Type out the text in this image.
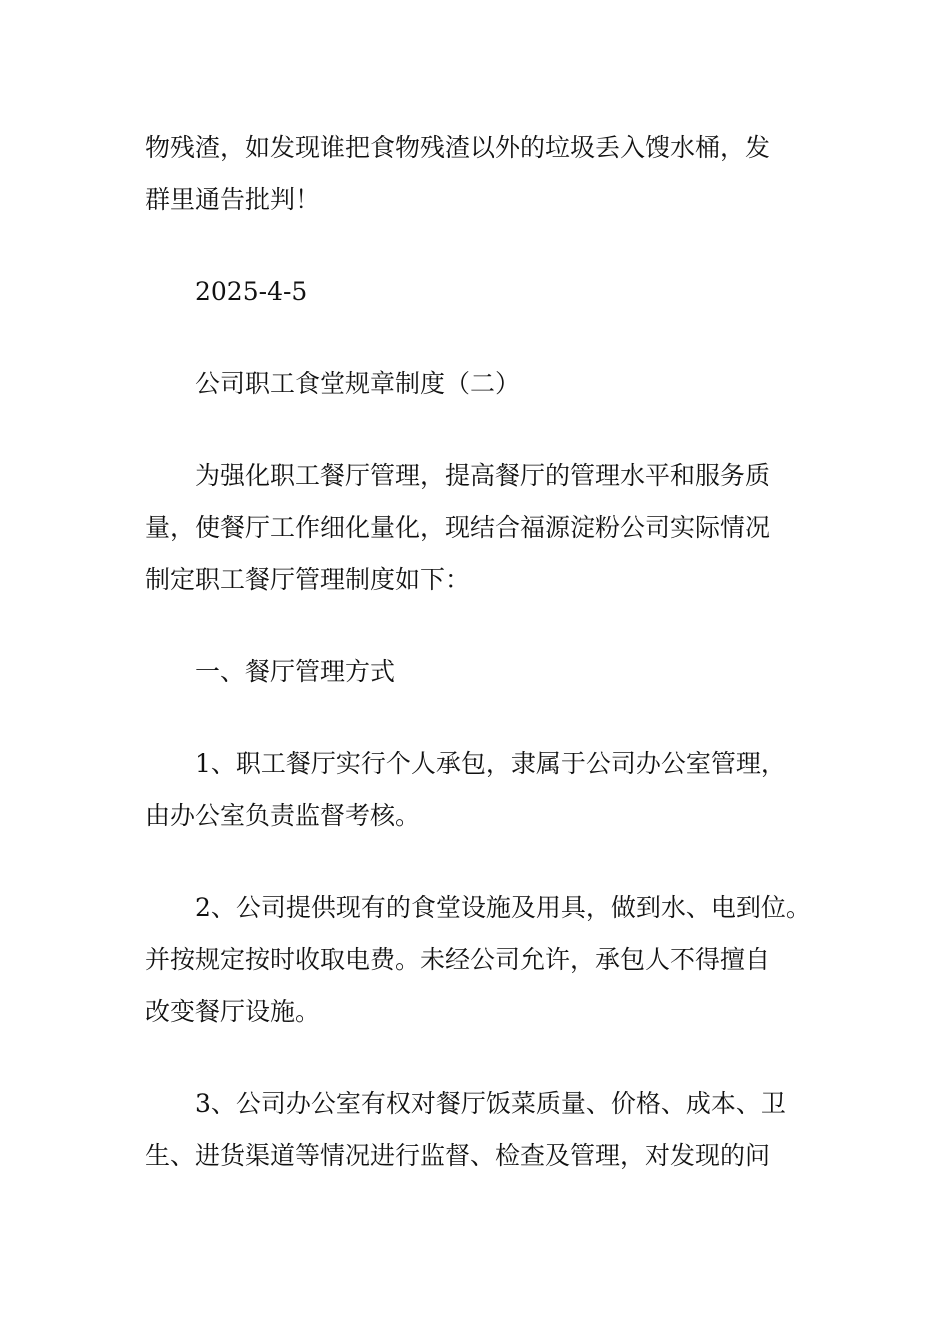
物残渣，如发现谁把食物残渣以外的垃圾丢入馊水桶，发
群里通告批判！

2025-4-5

公司职工食堂规章制度（二）

为强化职工餐厅管理，提高餐厅的管理水平和服务质
量，使餐厅工作细化量化，现结合福源淀粉公司实际情况
制定职工餐厅管理制度如下：

一、餐厅管理方式

1、职工餐厅实行个人承包，隶属于公司办公室管理，
由办公室负责监督考核。

2、公司提供现有的食堂设施及用具，做到水、电到位。
并按规定按时收取电费。未经公司允许，承包人不得擅自
改变餐厅设施。

3、公司办公室有权对餐厅饭菜质量、价格、成本、卫
生、进货渠道等情况进行监督、检查及管理，对发现的问
